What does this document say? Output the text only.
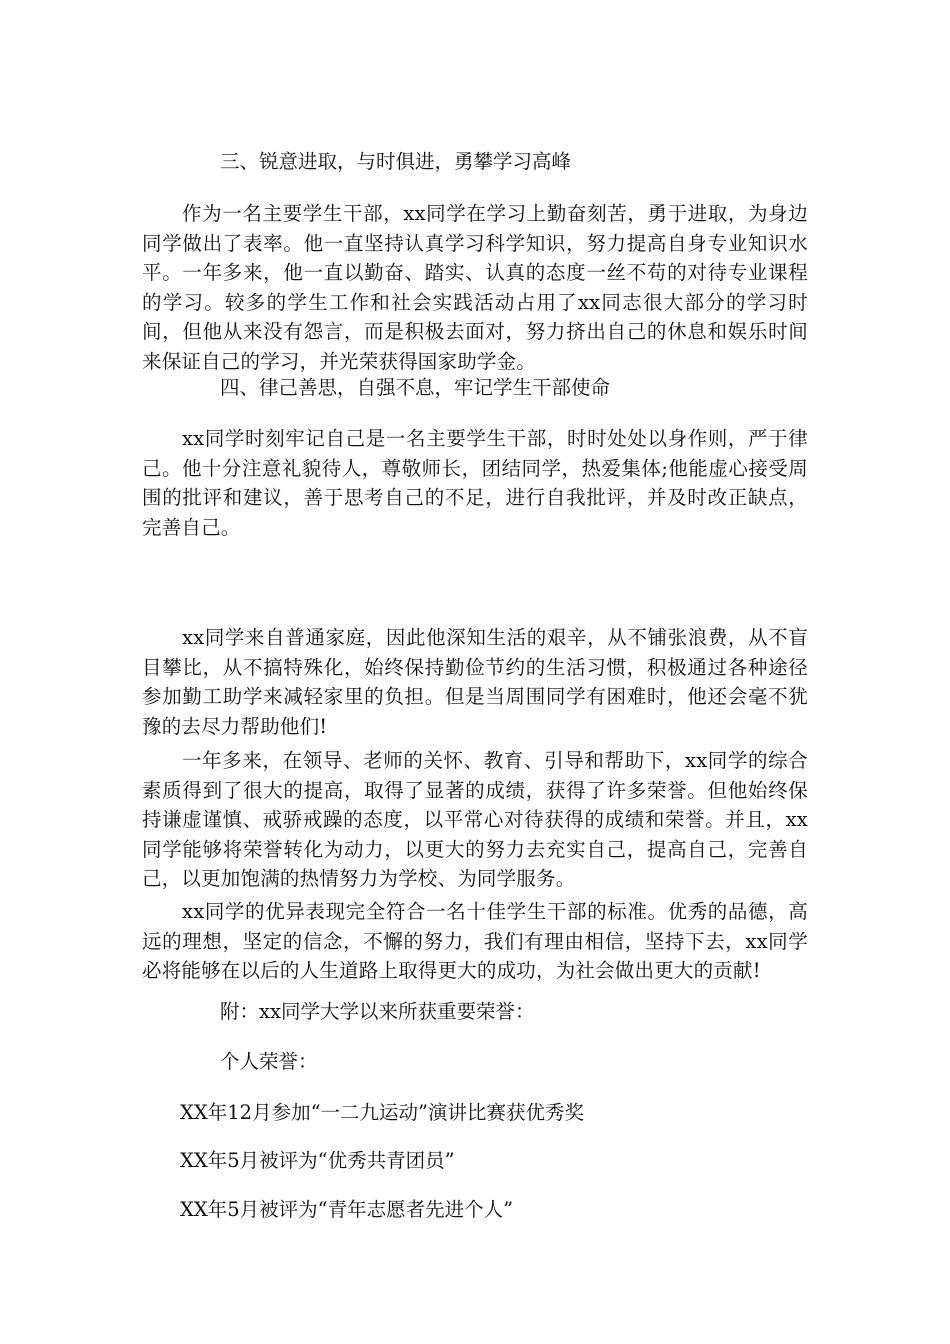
三、锐意进取，与时俱进，勇攀学习高峰

作为一名主要学生干部，xx同学在学习上勤奋刻苦，勇于进取，为身边同学做出了表率。他一直坚持认真学习科学知识，努力提高自身专业知识水平。一年多来，他一直以勤奋、踏实、认真的态度一丝不苟的对待专业课程的学习。较多的学生工作和社会实践活动占用了xx同志很大部分的学习时间，但他从来没有怨言，而是积极去面对，努力挤出自己的休息和娱乐时间来保证自己的学习，并光荣获得国家助学金。

四、律己善思，自强不息，牢记学生干部使命

xx同学时刻牢记自己是一名主要学生干部，时时处处以身作则，严于律己。他十分注意礼貌待人，尊敬师长，团结同学，热爱集体;他能虚心接受周围的批评和建议，善于思考自己的不足，进行自我批评，并及时改正缺点，完善自己。

xx同学来自普通家庭，因此他深知生活的艰辛，从不铺张浪费，从不盲目攀比，从不搞特殊化，始终保持勤俭节约的生活习惯，积极通过各种途径参加勤工助学来减轻家里的负担。但是当周围同学有困难时，他还会毫不犹豫的去尽力帮助他们!

一年多来，在领导、老师的关怀、教育、引导和帮助下，xx同学的综合素质得到了很大的提高，取得了显著的成绩，获得了许多荣誉。但他始终保持谦虚谨慎、戒骄戒躁的态度，以平常心对待获得的成绩和荣誉。并且，xx同学能够将荣誉转化为动力，以更大的努力去充实自己，提高自己，完善自己，以更加饱满的热情努力为学校、为同学服务。

xx同学的优异表现完全符合一名十佳学生干部的标准。优秀的品德，高远的理想，坚定的信念，不懈的努力，我们有理由相信，坚持下去，xx同学必将能够在以后的人生道路上取得更大的成功，为社会做出更大的贡献!

附：xx同学大学以来所获重要荣誉：

个人荣誉：

XX年12月参加“一二九运动”演讲比赛获优秀奖

XX年5月被评为“优秀共青团员”

XX年5月被评为“青年志愿者先进个人”
